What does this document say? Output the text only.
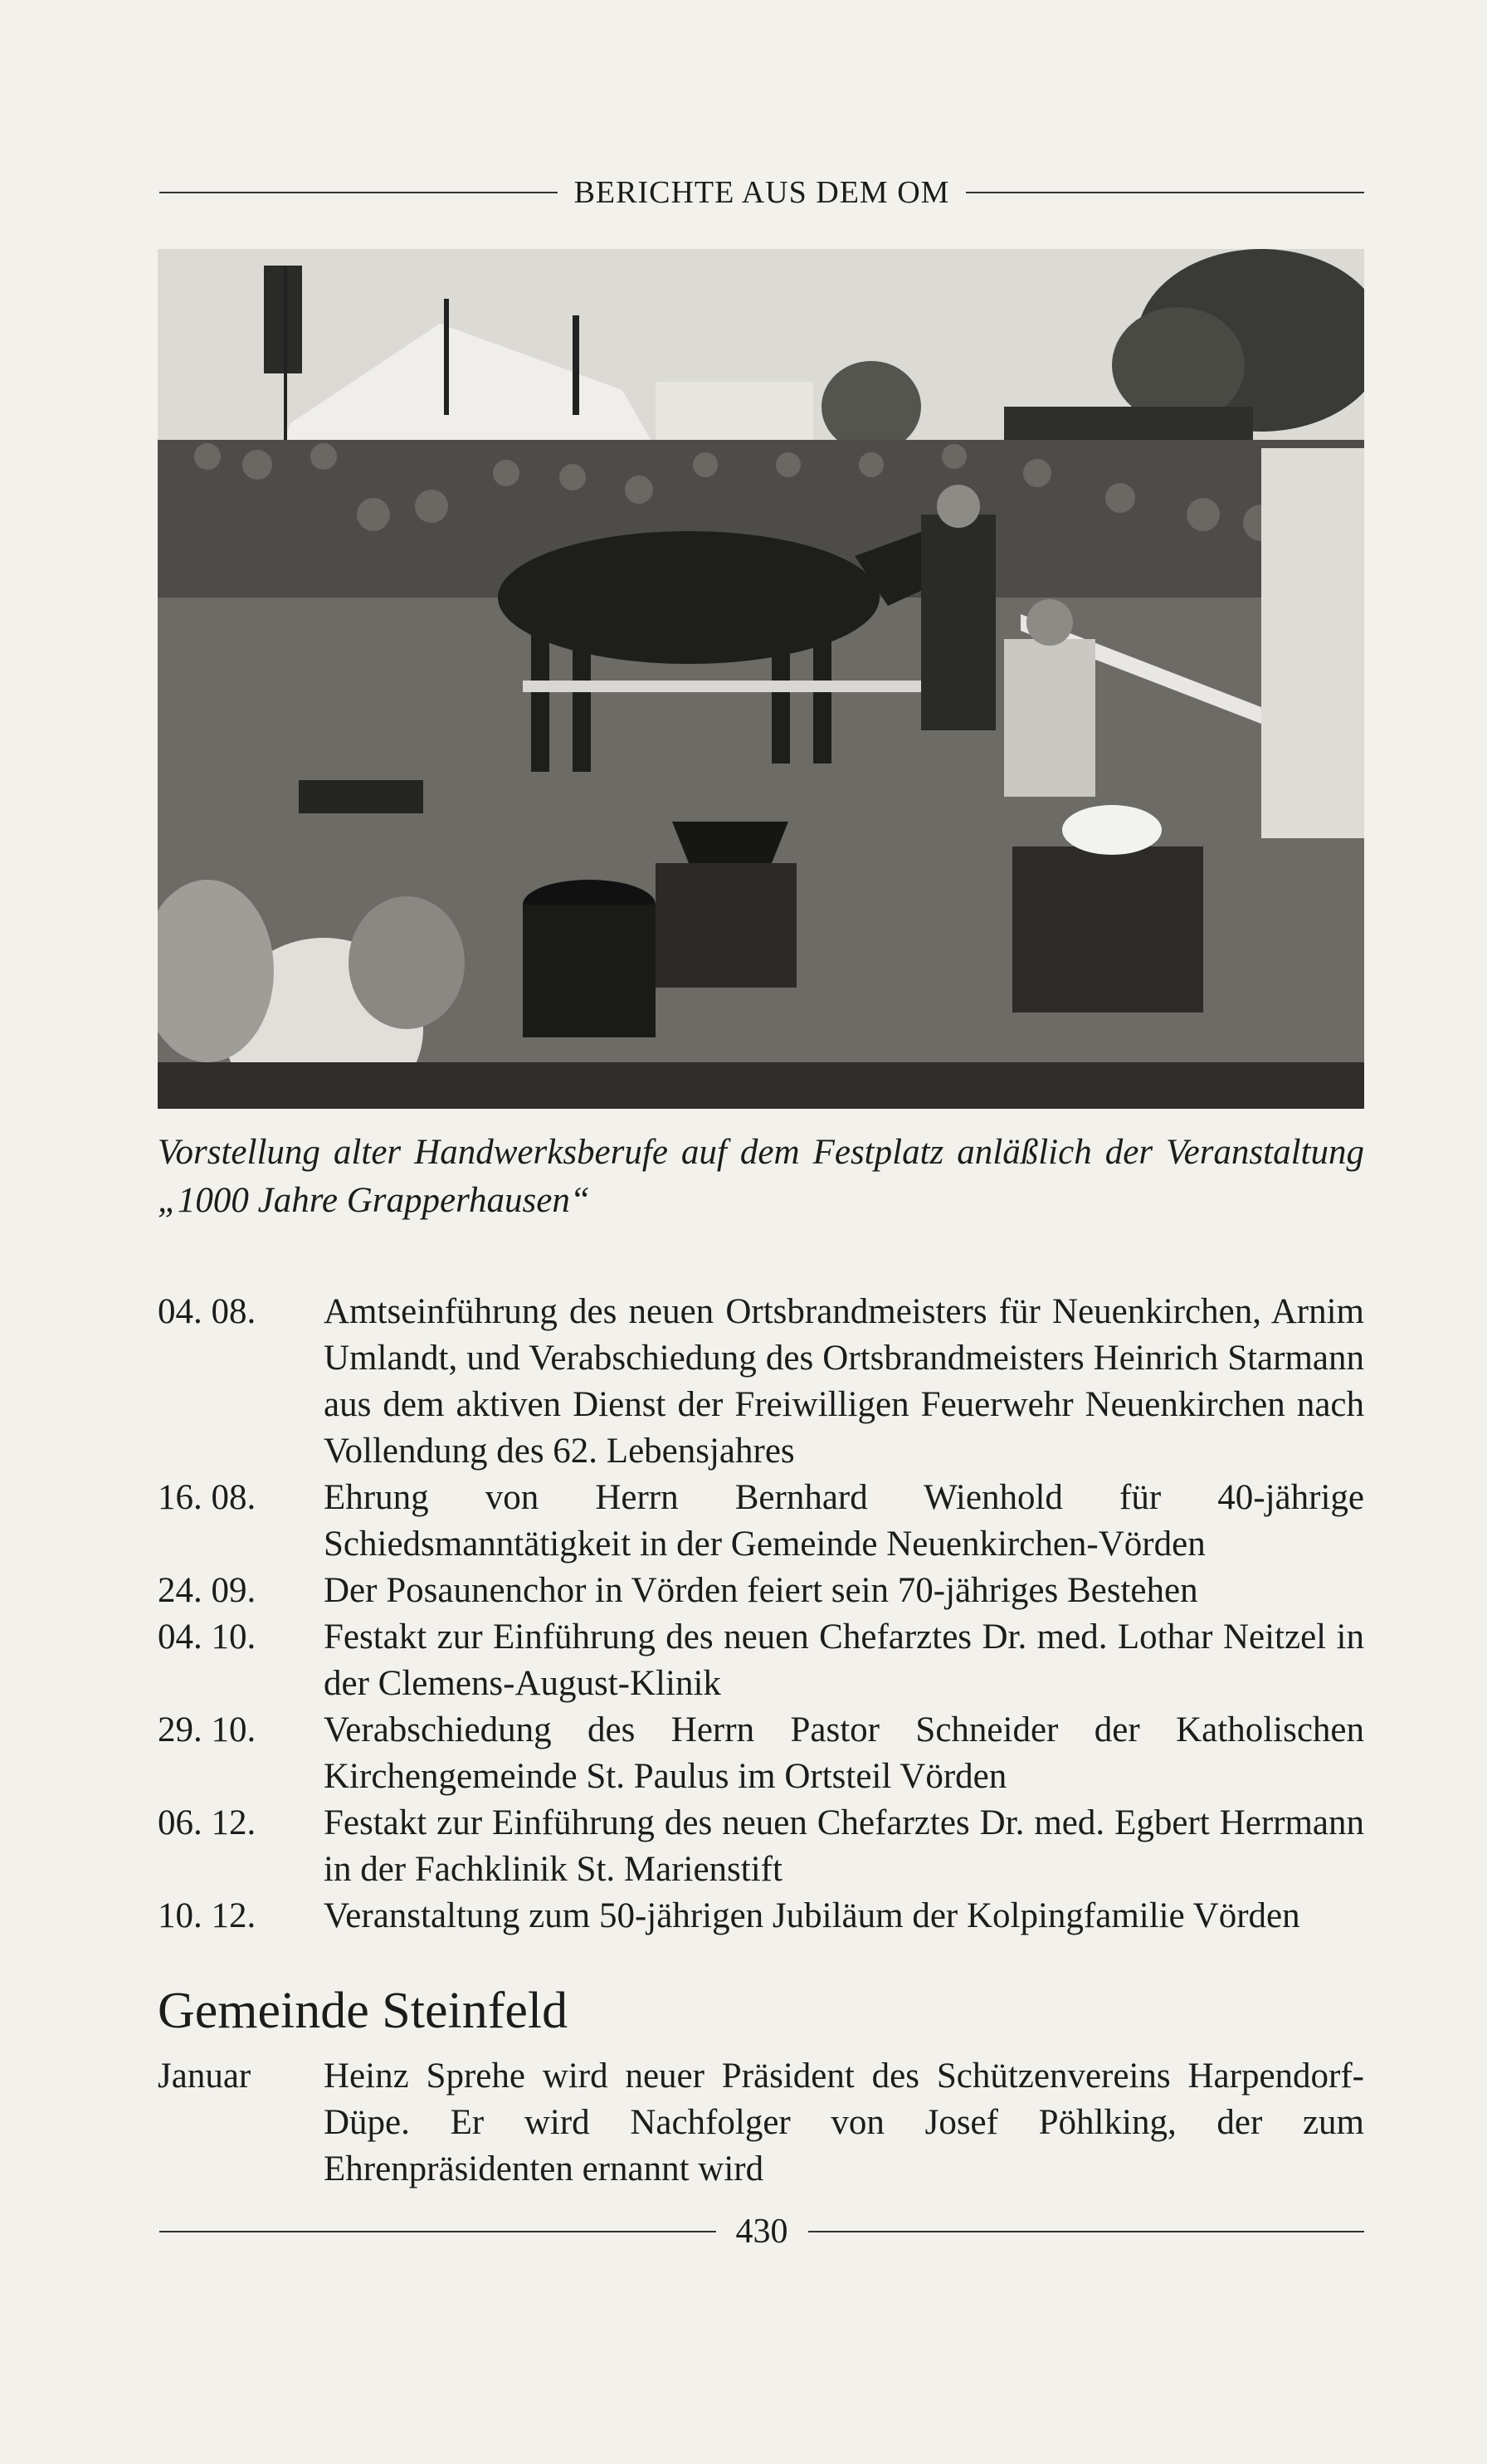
BERICHTE AUS DEM OM
Vorstellung alter Handwerksberufe auf dem Festplatz anläßlich der Veranstaltung „1000 Jahre Grapperhausen“
04. 08.	Amtseinführung des neuen Ortsbrandmeisters für Neuenkirchen, Arnim Umlandt, und Verabschiedung des Ortsbrandmeisters Heinrich Starmann aus dem aktiven Dienst der Freiwilligen Feuerwehr Neuenkirchen nach Vollendung des 62. Lebensjahres
16. 08.	Ehrung von Herrn Bernhard Wienhold für 40-jährige Schiedsmanntätigkeit in der Gemeinde Neuenkirchen-Vörden
24. 09.	Der Posaunenchor in Vörden feiert sein 70-jähriges Bestehen
04. 10.	Festakt zur Einführung des neuen Chefarztes Dr. med. Lothar Neitzel in der Clemens-August-Klinik
29. 10.	Verabschiedung des Herrn Pastor Schneider der Katholischen Kirchengemeinde St. Paulus im Ortsteil Vörden
06. 12.	Festakt zur Einführung des neuen Chefarztes Dr. med. Egbert Herrmann in der Fachklinik St. Marienstift
10. 12.	Veranstaltung zum 50-jährigen Jubiläum der Kolpingfamilie Vörden
Gemeinde Steinfeld
Januar	Heinz Sprehe wird neuer Präsident des Schützenvereins Harpendorf-Düpe. Er wird Nachfolger von Josef Pöhlking, der zum Ehrenpräsidenten ernannt wird
430
